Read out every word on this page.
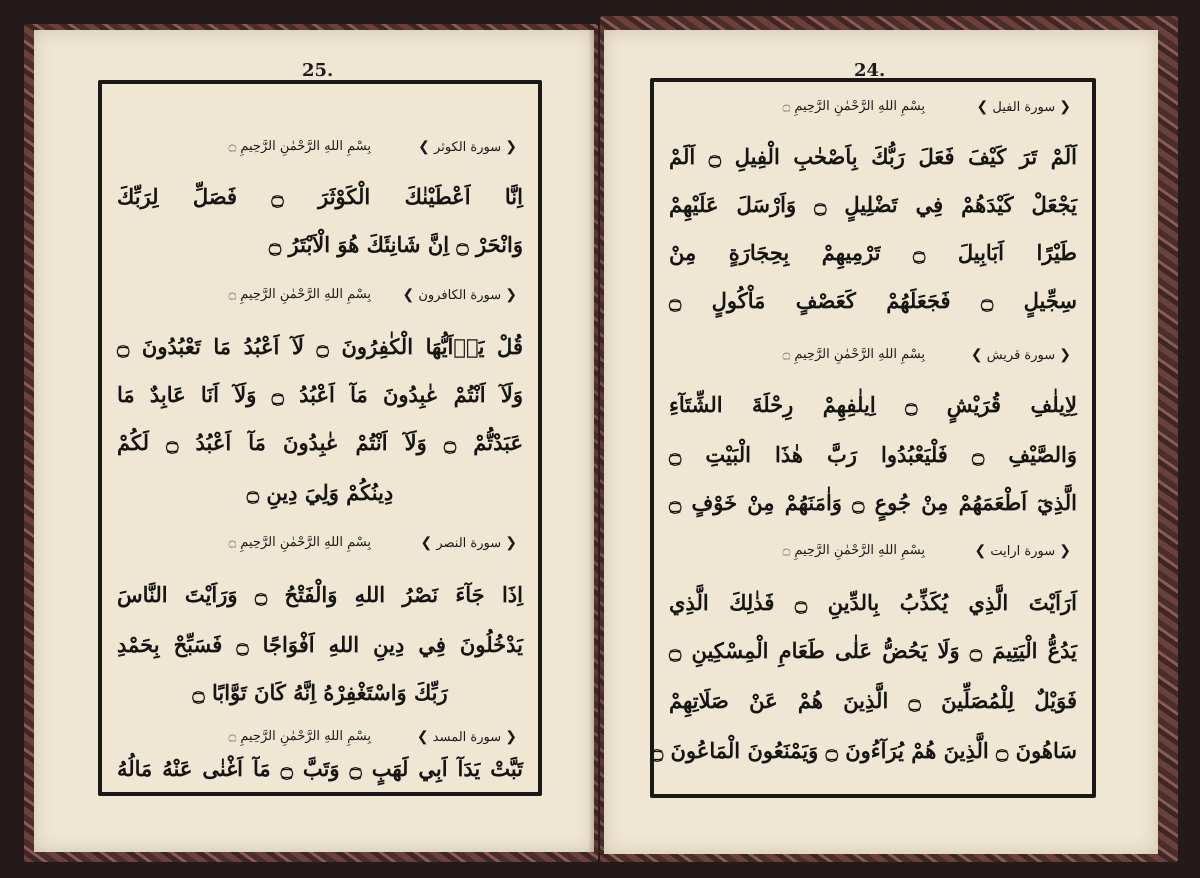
25.
❮ سورة الكوثر ❯
بِسْمِ اللهِ الرَّحْمٰنِ الرَّحِيمِ ۝
اِنَّا اَعْطَيْنٰكَ الْكَوْثَرَ ۝ فَصَلِّ لِرَبِّكَ
وَانْحَرْ ۝ اِنَّ شَانِئَكَ هُوَ الْاَبْتَرُ ۝
❮ سورة الكافرون ❯
بِسْمِ اللهِ الرَّحْمٰنِ الرَّحِيمِ ۝
قُلْ يَاۤاَيُّهَا الْكٰفِرُونَ ۝ لَآ اَعْبُدُ مَا تَعْبُدُونَ ۝
وَلَآ اَنْتُمْ عٰبِدُونَ مَآ اَعْبُدُ ۝ وَلَآ اَنَا عَابِدٌ مَا
عَبَدْتُّمْ ۝ وَلَآ اَنْتُمْ عٰبِدُونَ مَآ اَعْبُدُ ۝ لَكُمْ
دِينُكُمْ وَلِيَ دِينِ ۝
❮ سورة النصر ❯
بِسْمِ اللهِ الرَّحْمٰنِ الرَّحِيمِ ۝
اِذَا جَآءَ نَصْرُ اللهِ وَالْفَتْحُ ۝ وَرَاَيْتَ النَّاسَ
يَدْخُلُونَ فِي دِينِ اللهِ اَفْوَاجًا ۝ فَسَبِّحْ بِحَمْدِ
رَبِّكَ وَاسْتَغْفِرْهُ اِنَّهُ كَانَ تَوَّابًا ۝
❮ سورة المسد ❯
بِسْمِ اللهِ الرَّحْمٰنِ الرَّحِيمِ ۝
تَبَّتْ يَدَآ اَبِي لَهَبٍ ۝ وَتَبَّ ۝ مَآ اَغْنٰى عَنْهُ مَالُهُ
24.
❮ سورة الفيل ❯
بِسْمِ اللهِ الرَّحْمٰنِ الرَّحِيمِ ۝
اَلَمْ تَرَ كَيْفَ فَعَلَ رَبُّكَ بِاَصْحٰبِ الْفِيلِ ۝ اَلَمْ
يَجْعَلْ كَيْدَهُمْ فِي تَضْلِيلٍ ۝ وَاَرْسَلَ عَلَيْهِمْ
طَيْرًا اَبَابِيلَ ۝ تَرْمِيهِمْ بِحِجَارَةٍ مِنْ
سِجِّيلٍ ۝ فَجَعَلَهُمْ كَعَصْفٍ مَاْكُولٍ ۝
❮ سورة قريش ❯
بِسْمِ اللهِ الرَّحْمٰنِ الرَّحِيمِ ۝
لِاِيلٰفِ قُرَيْشٍ ۝ اِيلٰفِهِمْ رِحْلَةَ الشِّتَآءِ
وَالصَّيْفِ ۝ فَلْيَعْبُدُوا رَبَّ هٰذَا الْبَيْتِ ۝
الَّذِيٓ اَطْعَمَهُمْ مِنْ جُوعٍ ۝ وَاٰمَنَهُمْ مِنْ خَوْفٍ ۝
❮ سورة ارايت ❯
بِسْمِ اللهِ الرَّحْمٰنِ الرَّحِيمِ ۝
اَرَاَيْتَ الَّذِي يُكَذِّبُ بِالدِّينِ ۝ فَذٰلِكَ الَّذِي
يَدُعُّ الْيَتِيمَ ۝ وَلَا يَحُضُّ عَلٰى طَعَامِ الْمِسْكِينِ ۝
فَوَيْلٌ لِلْمُصَلِّينَ ۝ الَّذِينَ هُمْ عَنْ صَلَاتِهِمْ
سَاهُونَ ۝ الَّذِينَ هُمْ يُرَآءُونَ ۝ وَيَمْنَعُونَ الْمَاعُونَ ۝
